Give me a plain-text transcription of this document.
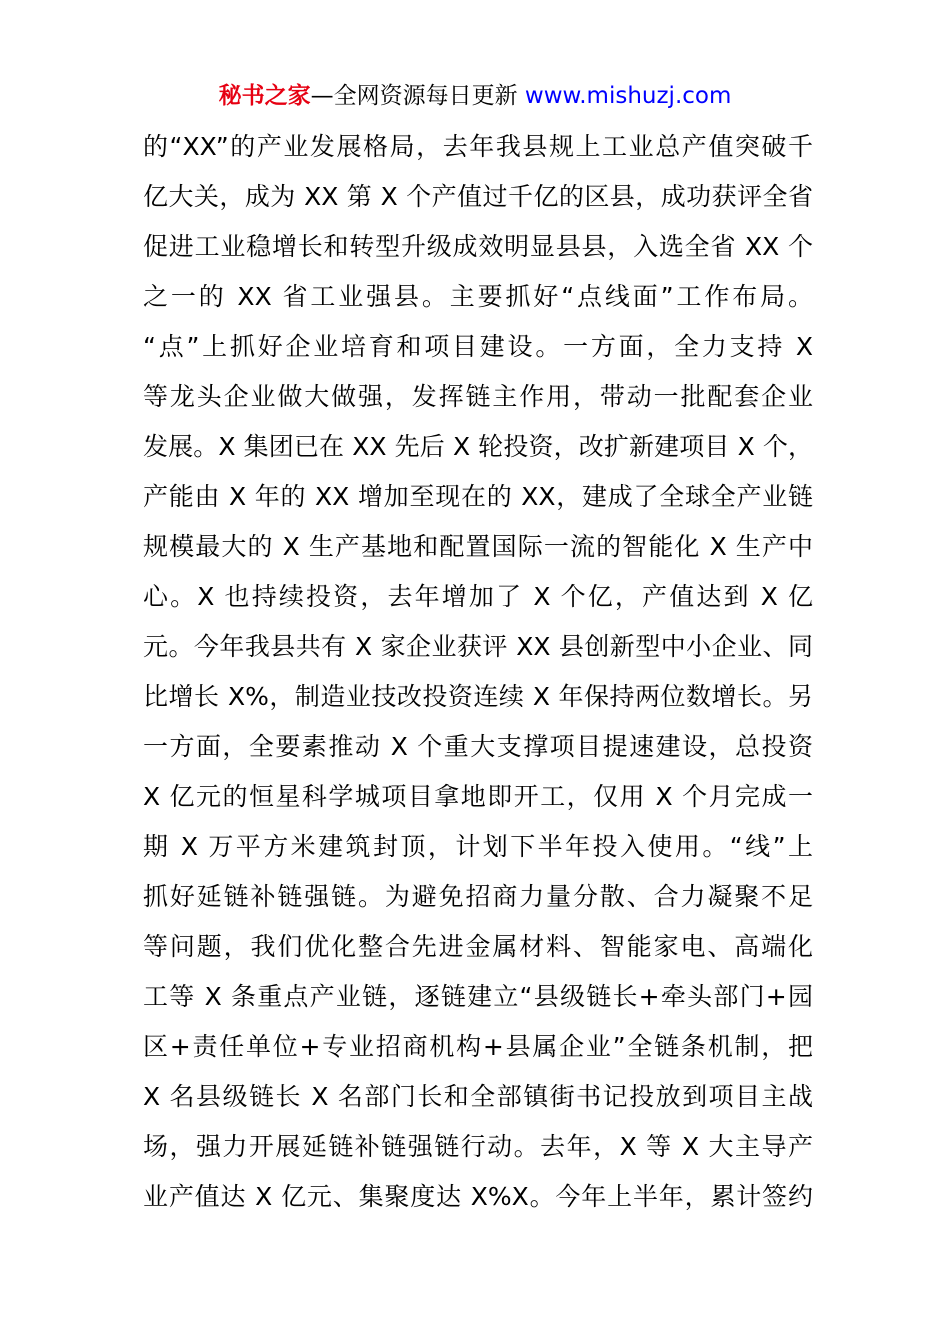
秘书之家—全网资源每日更新 www.mishuzj.com
的“XX”的产业发展格局，去年我县规上工业总产值突破千
亿大关，成为 XX 第 X 个产值过千亿的区县，成功获评全省
促进工业稳增长和转型升级成效明显县县，入选全省 XX 个
之一的 XX 省工业强县。主要抓好“点线面”工作布局。
“点”上抓好企业培育和项目建设。一方面，全力支持 X
等龙头企业做大做强，发挥链主作用，带动一批配套企业
发展。X 集团已在 XX 先后 X 轮投资，改扩新建项目 X 个，
产能由 X 年的 XX 增加至现在的 XX，建成了全球全产业链
规模最大的 X 生产基地和配置国际一流的智能化 X 生产中
心。X 也持续投资，去年增加了 X 个亿，产值达到 X 亿
元。今年我县共有 X 家企业获评 XX 县创新型中小企业、同
比增长 X%，制造业技改投资连续 X 年保持两位数增长。另
一方面，全要素推动 X 个重大支撑项目提速建设，总投资
X 亿元的恒星科学城项目拿地即开工，仅用 X 个月完成一
期 X 万平方米建筑封顶，计划下半年投入使用。“线”上
抓好延链补链强链。为避免招商力量分散、合力凝聚不足
等问题，我们优化整合先进金属材料、智能家电、高端化
工等 X 条重点产业链，逐链建立“县级链长+牵头部门+园
区+责任单位+专业招商机构+县属企业”全链条机制，把
X 名县级链长 X 名部门长和全部镇街书记投放到项目主战
场，强力开展延链补链强链行动。去年，X 等 X 大主导产
业产值达 X 亿元、集聚度达 X%X。今年上半年，累计签约
